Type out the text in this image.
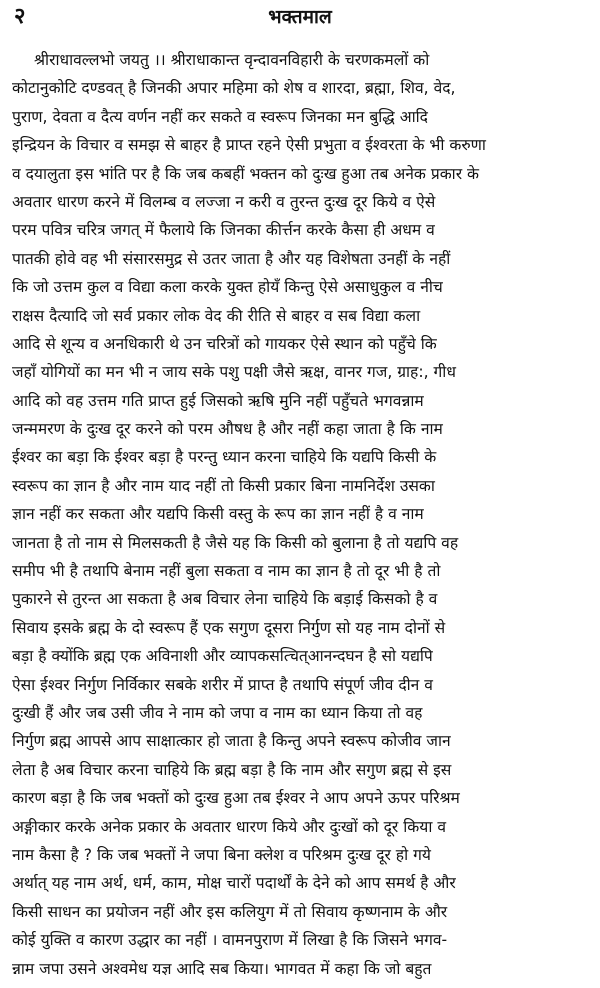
२	भक्तमाल
श्रीराधावल्लभो जयतु ।। श्रीराधाकान्त वृन्दावनविहारी के चरणकमलों को
कोटानुकोटि दण्डवत् है जिनकी अपार महिमा को शेष व शारदा, ब्रह्मा, शिव, वेद,
पुराण, देवता व दैत्य वर्णन नहीं कर सकते व स्वरूप जिनका मन बुद्धि आदि
इन्द्रियन के विचार व समझ से बाहर है प्राप्त रहने ऐसी प्रभुता व ईश्वरता के भी करुणा
व दयालुता इस भांति पर है कि जब कबहीं भक्तन को दुःख हुआ तब अनेक प्रकार के
अवतार धारण करने में विलम्ब व लज्जा न करी व तुरन्त दुःख दूर किये व ऐसे
परम पवित्र चरित्र जगत् में फैलाये कि जिनका कीर्त्तन करके कैसा ही अधम व
पातकी होवे वह भी संसारसमुद्र से उतर जाता है और यह विशेषता उनहीं के नहीं
कि जो उत्तम कुल व विद्या कला करके युक्त होयँ किन्तु ऐसे असाधुकुल व नीच
राक्षस दैत्यादि जो सर्व प्रकार लोक वेद की रीति से बाहर व सब विद्या कला
आदि से शून्य व अनधिकारी थे उन चरित्रों को गायकर ऐसे स्थान को पहुँचे कि
जहाँ योगियों का मन भी न जाय सके पशु पक्षी जैसे ऋक्ष, वानर गज, ग्राह:, गीध
आदि को वह उत्तम गति प्राप्त हुई जिसको ऋषि मुनि नहीं पहुँचते भगवन्नाम
जन्ममरण के दुःख दूर करने को परम औषध है और नहीं कहा जाता है कि नाम
ईश्वर का बड़ा कि ईश्वर बड़ा है परन्तु ध्यान करना चाहिये कि यद्यपि किसी के
स्वरूप का ज्ञान है और नाम याद नहीं तो किसी प्रकार बिना नामनिर्देश उसका
ज्ञान नहीं कर सकता और यद्यपि किसी वस्तु के रूप का ज्ञान नहीं है व नाम
जानता है तो नाम से मिलसकती है जैसे यह कि किसी को बुलाना है तो यद्यपि वह
समीप भी है तथापि बेनाम नहीं बुला सकता व नाम का ज्ञान है तो दूर भी है तो
पुकारने से तुरन्त आ सकता है अब विचार लेना चाहिये कि बड़ाई किसको है व
सिवाय इसके ब्रह्म के दो स्वरूप हैं एक सगुण दूसरा निर्गुण सो यह नाम दोनों से
बड़ा है क्योंकि ब्रह्म एक अविनाशी और व्यापकसत्चित्आनन्दघन है सो यद्यपि
ऐसा ईश्वर निर्गुण निर्विकार सबके शरीर में प्राप्त है तथापि संपूर्ण जीव दीन व
दुःखी हैं और जब उसी जीव ने नाम को जपा व नाम का ध्यान किया तो वह
निर्गुण ब्रह्म आपसे आप साक्षात्कार हो जाता है किन्तु अपने स्वरूप कोजीव जान
लेता है अब विचार करना चाहिये कि ब्रह्म बड़ा है कि नाम और सगुण ब्रह्म से इस
कारण बड़ा है कि जब भक्तों को दुःख हुआ तब ईश्वर ने आप अपने ऊपर परिश्रम
अङ्गीकार करके अनेक प्रकार के अवतार धारण किये और दुःखों को दूर किया व
नाम कैसा है ? कि जब भक्तों ने जपा बिना क्लेश व परिश्रम दुःख दूर हो गये
अर्थात् यह नाम अर्थ, धर्म, काम, मोक्ष चारों पदार्थों के देने को आप समर्थ है और
किसी साधन का प्रयोजन नहीं और इस कलियुग में तो सिवाय कृष्णनाम के और
कोई युक्ति व कारण उद्धार का नहीं । वामनपुराण में लिखा है कि जिसने भगव-
न्नाम जपा उसने अश्वमेध यज्ञ आदि सब किया। भागवत में कहा कि जो बहुत
